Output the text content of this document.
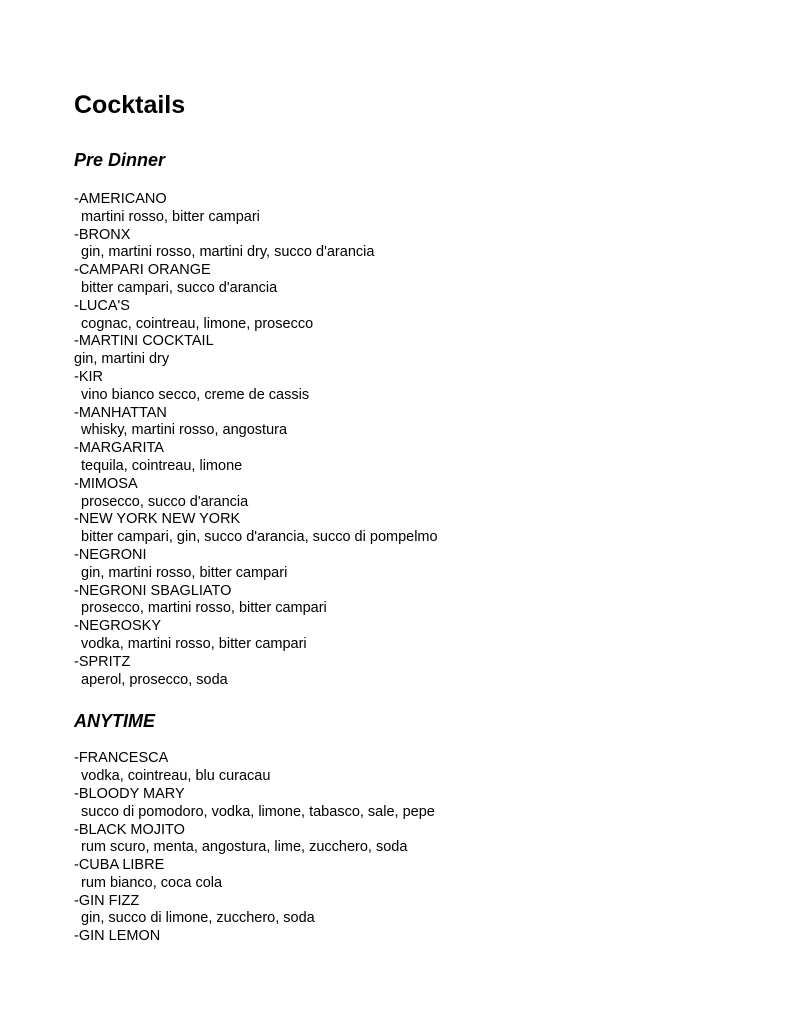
Cocktails
Pre Dinner
-AMERICANO
martini rosso, bitter campari
-BRONX
gin, martini rosso, martini dry, succo d'arancia
-CAMPARI ORANGE
bitter campari, succo d'arancia
-LUCA'S
cognac, cointreau, limone, prosecco
-MARTINI COCKTAIL
gin, martini dry
-KIR
vino bianco secco, creme de cassis
-MANHATTAN
whisky, martini rosso, angostura
-MARGARITA
tequila, cointreau, limone
-MIMOSA
prosecco, succo d'arancia
-NEW YORK NEW YORK
bitter campari, gin, succo d'arancia, succo di pompelmo
-NEGRONI
gin, martini rosso, bitter campari
-NEGRONI SBAGLIATO
prosecco, martini rosso, bitter campari
-NEGROSKY
vodka, martini rosso, bitter campari
-SPRITZ
aperol, prosecco, soda
ANYTIME
-FRANCESCA
vodka, cointreau, blu curacau
-BLOODY MARY
succo di pomodoro, vodka, limone, tabasco, sale, pepe
-BLACK MOJITO
rum scuro, menta, angostura, lime, zucchero, soda
-CUBA LIBRE
rum bianco, coca cola
-GIN FIZZ
gin, succo di limone, zucchero, soda
-GIN LEMON
